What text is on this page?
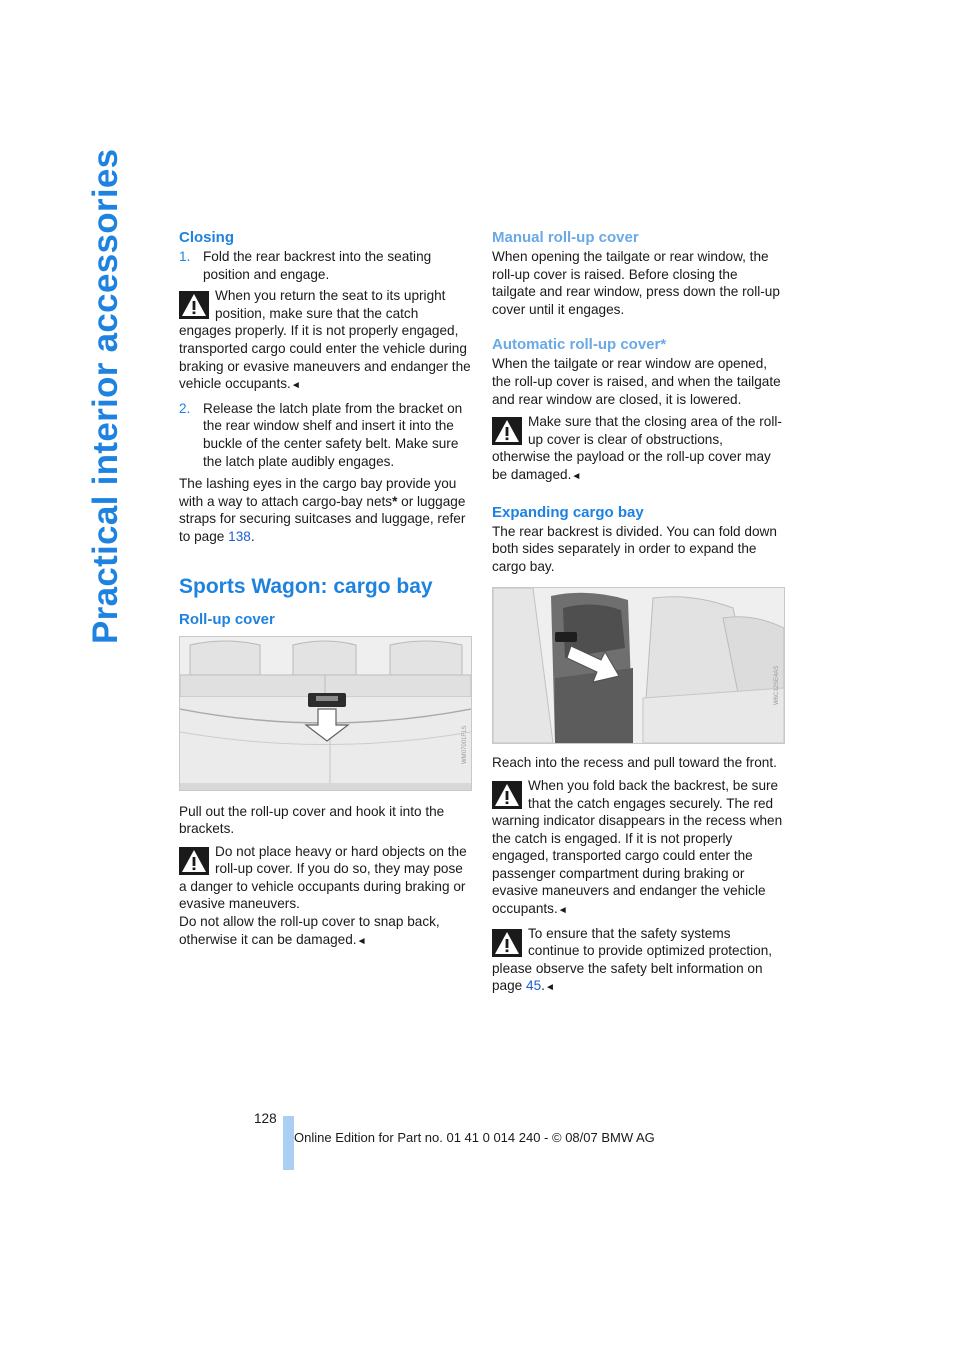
Practical interior accessories	Closing
1. Fold the rear backrest into the seating position and engage.
When you return the seat to its upright position, make sure that the catch engages properly. If it is not properly engaged, transported cargo could enter the vehicle during braking or evasive maneuvers and endanger the vehicle occupants.◄
2. Release the latch plate from the bracket on the rear window shelf and insert it into the buckle of the center safety belt. Make sure the latch plate audibly engages.

The lashing eyes in the cargo bay provide you with a way to attach cargo-bay nets* or luggage straps for securing suitcases and luggage, refer to page 138.

Sports Wagon: cargo bay
Roll-up cover
WM07001F1S

Pull out the roll-up cover and hook it into the brackets.

Do not place heavy or hard objects on the roll-up cover. If you do so, they may pose a danger to vehicle occupants during braking or evasive maneuvers.

Do not allow the roll-up cover to snap back, otherwise it can be damaged.◄

Manual roll-up cover

When opening the tailgate or rear window, the roll-up cover is raised. Before closing the tailgate and rear window, press down the roll-up cover until it engages.

Automatic roll-up cover*

When the tailgate or rear window are opened, the roll-up cover is raised, and when the tailgate and rear window are closed, it is lowered.

Make sure that the closing area of the roll-up cover is clear of obstructions, otherwise the payload or the roll-up cover may be damaged.◄
Expanding cargo bay

The rear backrest is divided. You can fold down both sides separately in order to expand the cargo bay.

W6C12SE4AS

Reach into the recess and pull toward the front.

When you fold back the backrest, be sure that the catch engages securely. The red warning indicator disappears in the recess when the catch is engaged. If it is not properly engaged, transported cargo could enter the passenger compartment during braking or evasive maneuvers and endanger the vehicle occupants.◄
To ensure that the safety systems continue to provide optimized protection, please observe the safety belt information on page 45.◄
128
Online Edition for Part no. 01 41 0 014 240 - © 08/07 BMW AG
